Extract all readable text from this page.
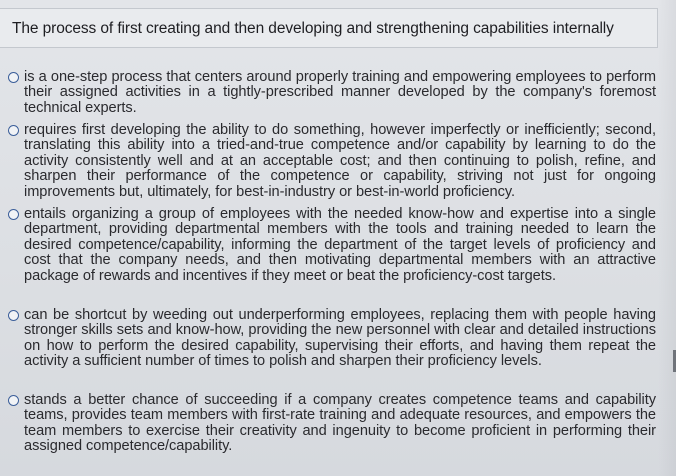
The process of first creating and then developing and strengthening capabilities internally
is a one-step process that centers around properly training and empowering employees to perform their assigned activities in a tightly-prescribed manner developed by the company's foremost technical experts.
requires first developing the ability to do something, however imperfectly or inefficiently; second, translating this ability into a tried-and-true competence and/or capability by learning to do the activity consistently well and at an acceptable cost; and then continuing to polish, refine, and sharpen their performance of the competence or capability, striving not just for ongoing improvements but, ultimately, for best-in-industry or best-in-world proficiency.
entails organizing a group of employees with the needed know-how and expertise into a single department, providing departmental members with the tools and training needed to learn the desired competence/capability, informing the department of the target levels of proficiency and cost that the company needs, and then motivating departmental members with an attractive package of rewards and incentives if they meet or beat the proficiency-cost targets.
can be shortcut by weeding out underperforming employees, replacing them with people having stronger skills sets and know-how, providing the new personnel with clear and detailed instructions on how to perform the desired capability, supervising their efforts, and having them repeat the activity a sufficient number of times to polish and sharpen their proficiency levels.
stands a better chance of succeeding if a company creates competence teams and capability teams, provides team members with first-rate training and adequate resources, and empowers the team members to exercise their creativity and ingenuity to become proficient in performing their assigned competence/capability.
